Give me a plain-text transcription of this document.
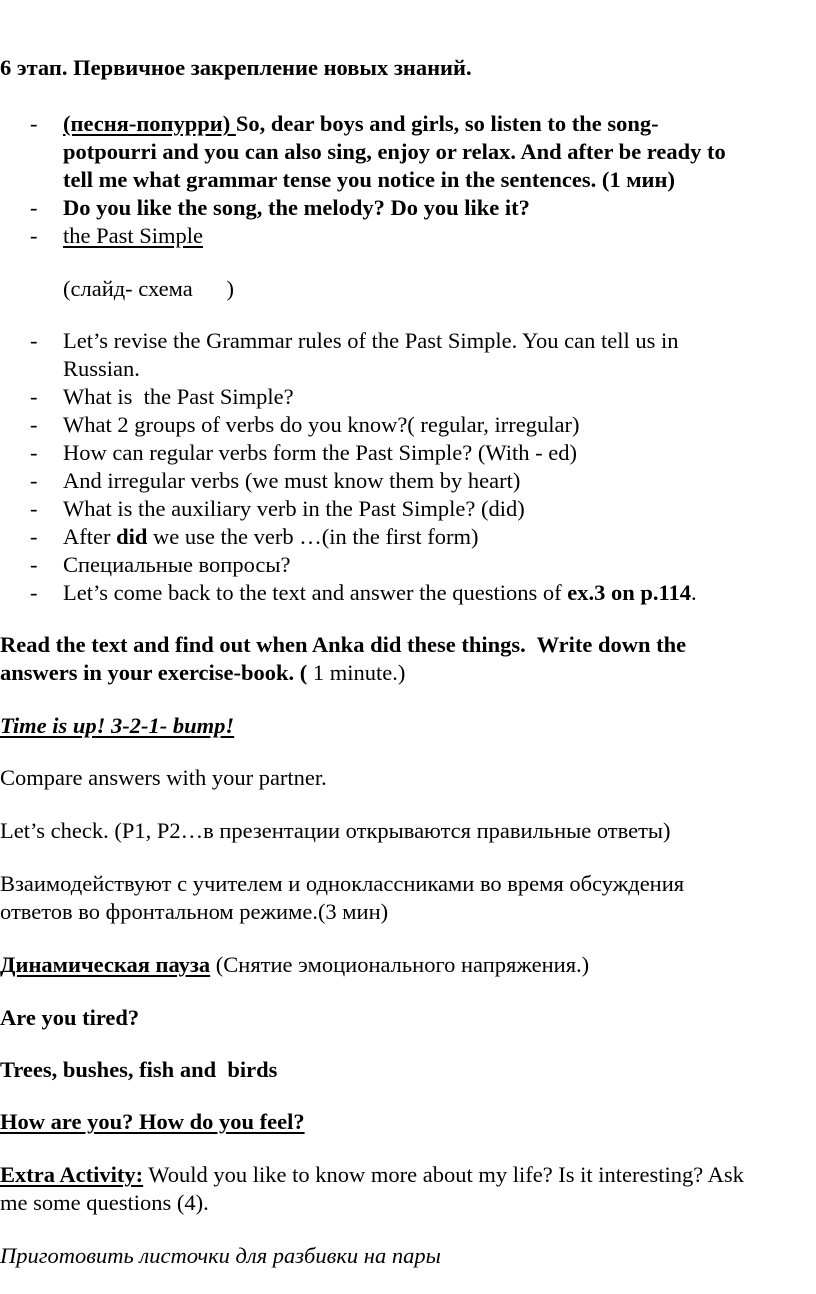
6 этап. Первичное закрепление новых знаний.
- (песня-попурри) So, dear boys and girls, so listen to the song-
potpourri and you can also sing, enjoy or relax. And after be ready to
tell me what grammar tense you notice in the sentences. (1 мин)
- Do you like the song, the melody? Do you like it?
- the Past Simple
(слайд- схема      )
- Let’s revise the Grammar rules of the Past Simple. You can tell us in
Russian.
- What is  the Past Simple?
- What 2 groups of verbs do you know?( regular, irregular)
- How can regular verbs form the Past Simple? (With - ed)
- And irregular verbs (we must know them by heart)
- What is the auxiliary verb in the Past Simple? (did)
- After did we use the verb …(in the first form)
- Специальные вопросы?
- Let’s come back to the text and answer the questions of ex.3 on p.114.
Read the text and find out when Anka did these things.  Write down the
answers in your exercise-book. ( 1 minute.)
Time is up! 3-2-1- bump!
Compare answers with your partner.
Let’s check. (P1, P2…в презентации открываются правильные ответы)
Взаимодействуют с учителем и одноклассниками во время обсуждения
ответов во фронтальном режиме.(3 мин)
Динамическая пауза (Снятие эмоционального напряжения.)
Are you tired?
Trees, bushes, fish and  birds
How are you? How do you feel?
Extra Activity: Would you like to know more about my life? Is it interesting? Ask
me some questions (4).
Приготовить листочки для разбивки на пары
